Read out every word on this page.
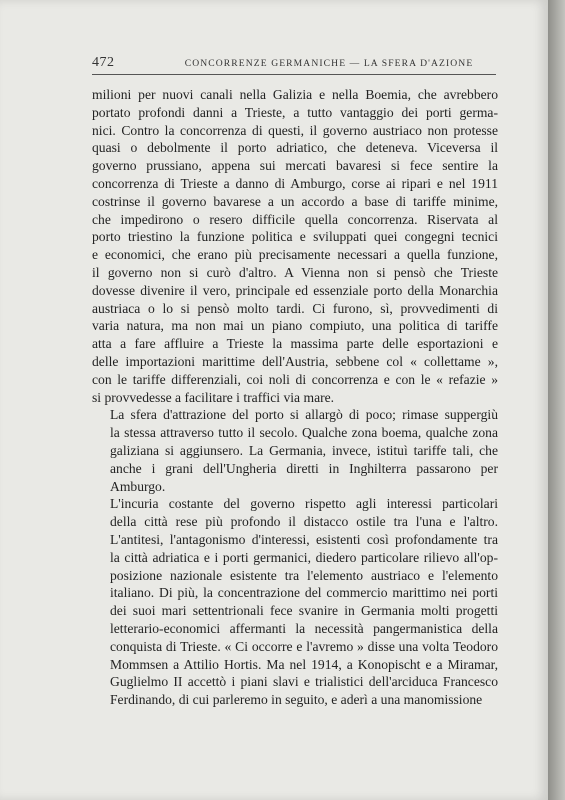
472	CONCORRENZE GERMANICHE — LA SFERA D'AZIONE

milioni per nuovi canali nella Galizia e nella Boemia, che avrebbero
portato profondi danni a Trieste, a tutto vantaggio dei porti germa-
nici. Contro la concorrenza di questi, il governo austriaco non protesse
quasi o debolmente il porto adriatico, che deteneva. Viceversa il
governo prussiano, appena sui mercati bavaresi si fece sentire la
concorrenza di Trieste a danno di Amburgo, corse ai ripari e nel 1911
costrinse il governo bavarese a un accordo a base di tariffe minime,
che impedirono o resero difficile quella concorrenza. Riservata al
porto triestino la funzione politica e sviluppati quei congegni tecnici
e economici, che erano più precisamente necessari a quella funzione,
il governo non si curò d'altro. A Vienna non si pensò che Trieste
dovesse divenire il vero, principale ed essenziale porto della Monarchia
austriaca o lo si pensò molto tardi. Ci furono, sì, provvedimenti di
varia natura, ma non mai un piano compiuto, una politica di tariffe
atta a fare affluire a Trieste la massima parte delle esportazioni e
delle importazioni marittime dell'Austria, sebbene col « collettame »,
con le tariffe differenziali, coi noli di concorrenza e con le « refazie »
si provvedesse a facilitare i traffici via mare.

La sfera d'attrazione del porto si allargò di poco; rimase suppergiù
la stessa attraverso tutto il secolo. Qualche zona boema, qualche zona
galiziana si aggiunsero. La Germania, invece, istituì tariffe tali, che
anche i grani dell'Ungheria diretti in Inghilterra passarono per
Amburgo.

L'incuria costante del governo rispetto agli interessi particolari
della città rese più profondo il distacco ostile tra l'una e l'altro.
L'antitesi, l'antagonismo d'interessi, esistenti così profondamente tra
la città adriatica e i porti germanici, diedero particolare rilievo all'op-
posizione nazionale esistente tra l'elemento austriaco e l'elemento
italiano. Di più, la concentrazione del commercio marittimo nei porti
dei suoi mari settentrionali fece svanire in Germania molti progetti
letterario-economici affermanti la necessità pangermanistica della
conquista di Trieste. « Ci occorre e l'avremo » disse una volta Teodoro
Mommsen a Attilio Hortis. Ma nel 1914, a Konopischt e a Miramar,
Guglielmo II accettò i piani slavi e trialistici dell'arciduca Francesco
Ferdinando, di cui parleremo in seguito, e aderì a una manomissione
